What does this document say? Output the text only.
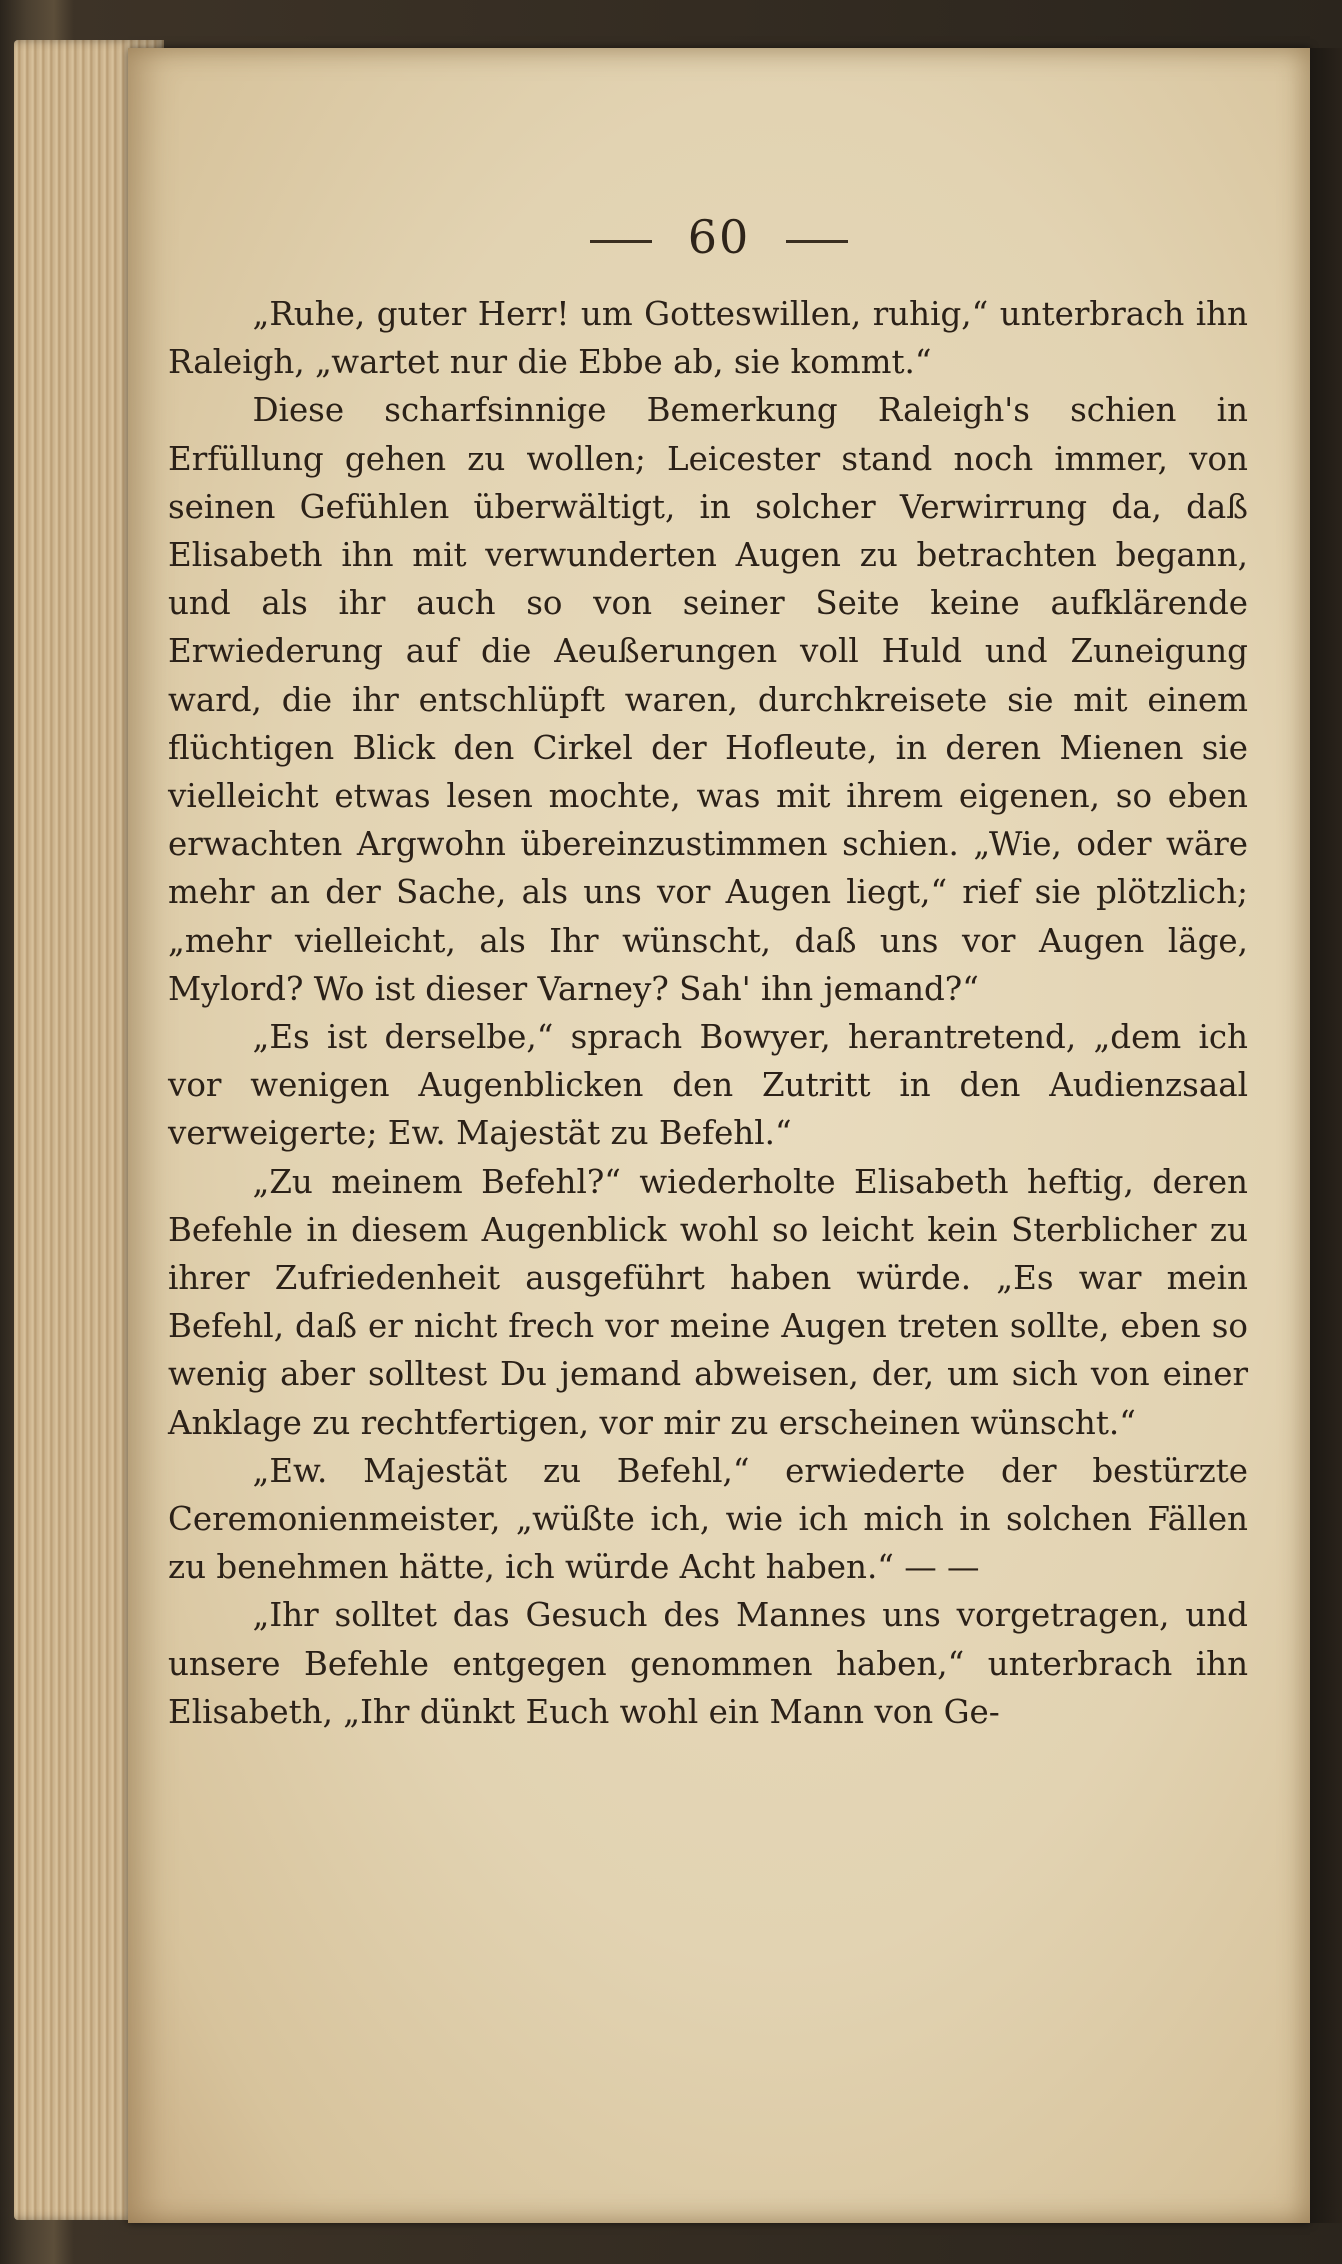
60

„Ruhe, guter Herr! um Gotteswillen, ruhig,“ unterbrach ihn Raleigh, „wartet nur die Ebbe ab, sie kommt.“

Diese scharfsinnige Bemerkung Raleigh's schien in Erfüllung gehen zu wollen; Leicester stand noch immer, von seinen Gefühlen überwältigt, in solcher Verwirrung da, daß Elisabeth ihn mit verwunderten Augen zu betrachten begann, und als ihr auch so von seiner Seite keine aufklärende Erwiederung auf die Aeußerungen voll Huld und Zuneigung ward, die ihr entschlüpft waren, durchkreisete sie mit einem flüchtigen Blick den Cirkel der Hofleute, in deren Mienen sie vielleicht etwas lesen mochte, was mit ihrem eigenen, so eben erwachten Argwohn übereinzustimmen schien. „Wie, oder wäre mehr an der Sache, als uns vor Augen liegt,“ rief sie plötzlich; „mehr vielleicht, als Ihr wünscht, daß uns vor Augen läge, Mylord? Wo ist dieser Varney? Sah' ihn jemand?“

„Es ist derselbe,“ sprach Bowyer, herantretend, „dem ich vor wenigen Augenblicken den Zutritt in den Audienzsaal verweigerte; Ew. Majestät zu Befehl.“

„Zu meinem Befehl?“ wiederholte Elisabeth heftig, deren Befehle in diesem Augenblick wohl so leicht kein Sterblicher zu ihrer Zufriedenheit ausgeführt haben würde. „Es war mein Befehl, daß er nicht frech vor meine Augen treten sollte, eben so wenig aber solltest Du jemand abweisen, der, um sich von einer Anklage zu rechtfertigen, vor mir zu erscheinen wünscht.“

„Ew. Majestät zu Befehl,“ erwiederte der bestürzte Ceremonienmeister, „wüßte ich, wie ich mich in solchen Fällen zu benehmen hätte, ich würde Acht haben.“ — —

„Ihr solltet das Gesuch des Mannes uns vorgetragen, und unsere Befehle entgegen genommen haben,“ unterbrach ihn Elisabeth, „Ihr dünkt Euch wohl ein Mann von Ge-
